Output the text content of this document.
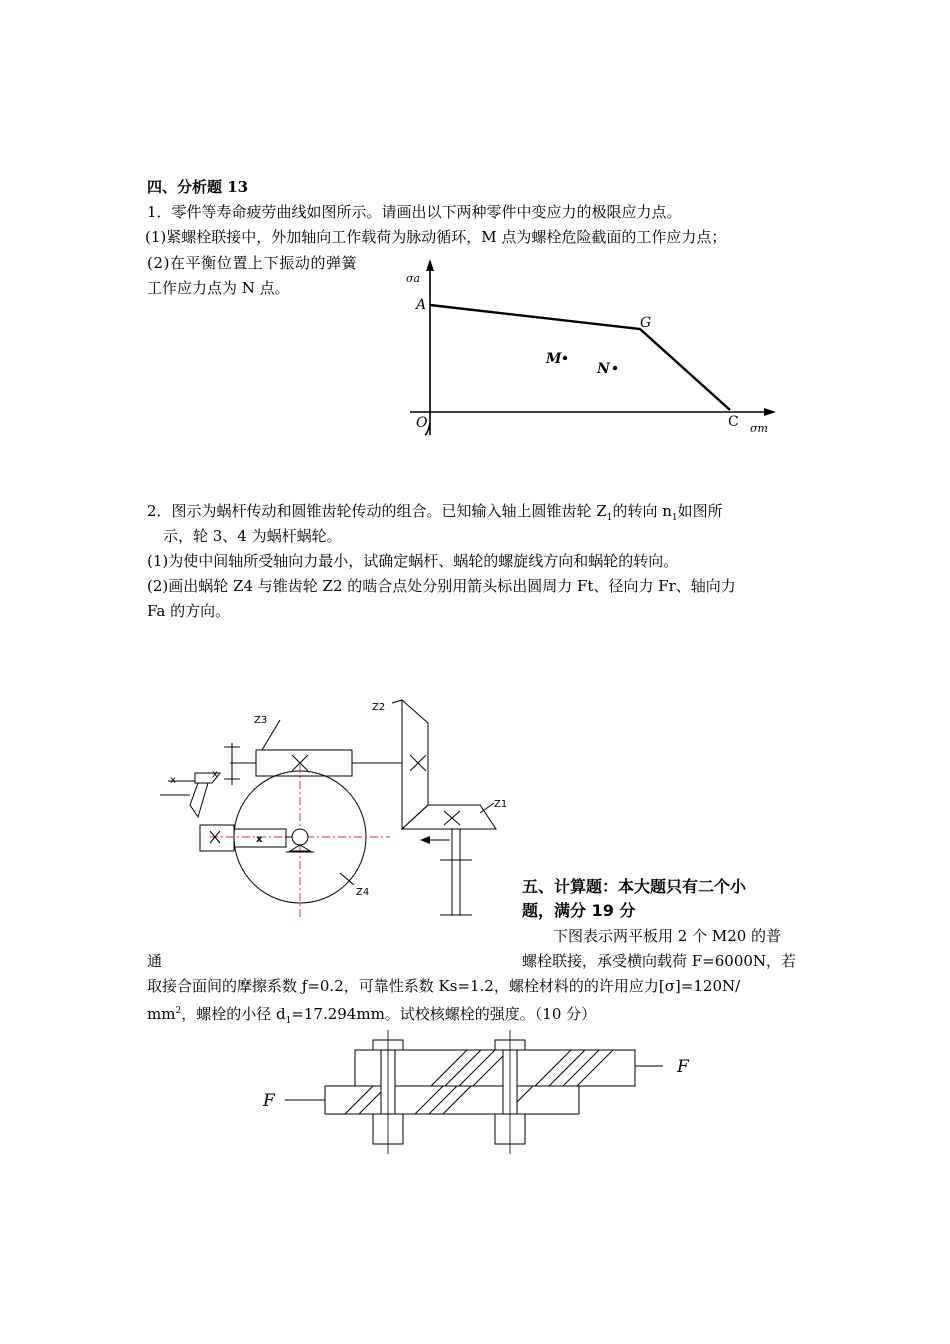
四、分析题 13
1．零件等寿命疲劳曲线如图所示。请画出以下两种零件中变应力的极限应力点。
(1)紧螺栓联接中，外加轴向工作载荷为脉动循环，M 点为螺栓危险截面的工作应力点；
(2)在平衡位置上下振动的弹簧
工作应力点为 N 点。
σa
A
G
M
N
O	C σm
2．图示为蜗杆传动和圆锥齿轮传动的组合。已知输入轴上圆锥齿轮 $Z_1$的转向 $n_1$如图所
示，轮 3、4 为蜗杆蜗轮。
(1)为使中间轴所受轴向力最小，试确定蜗杆、蜗轮的螺旋线方向和蜗轮的转向。
(2)画出蜗轮 Z4 与锥齿轮 Z2 的啮合点处分别用箭头标出圆周力 Ft、径向力 Fr、轴向力
Fa 的方向。
Z3
x
x
x
Z2
Z1
Z4	五、计算题：本大题只有二个小
题，满分 19 分
下图表示两平板用 2 个 M20 的普
通	螺栓联接，承受横向载荷 F=6000N，若
取接合面间的摩擦系数 ƒ=0.2，可靠性系数 Ks=1.2，螺栓材料的的许用应力[σ]=120N/
$mm^2$，螺栓的小径 $d_1=17.294mm$。试校核螺栓的强度。（10 分）
F
F
